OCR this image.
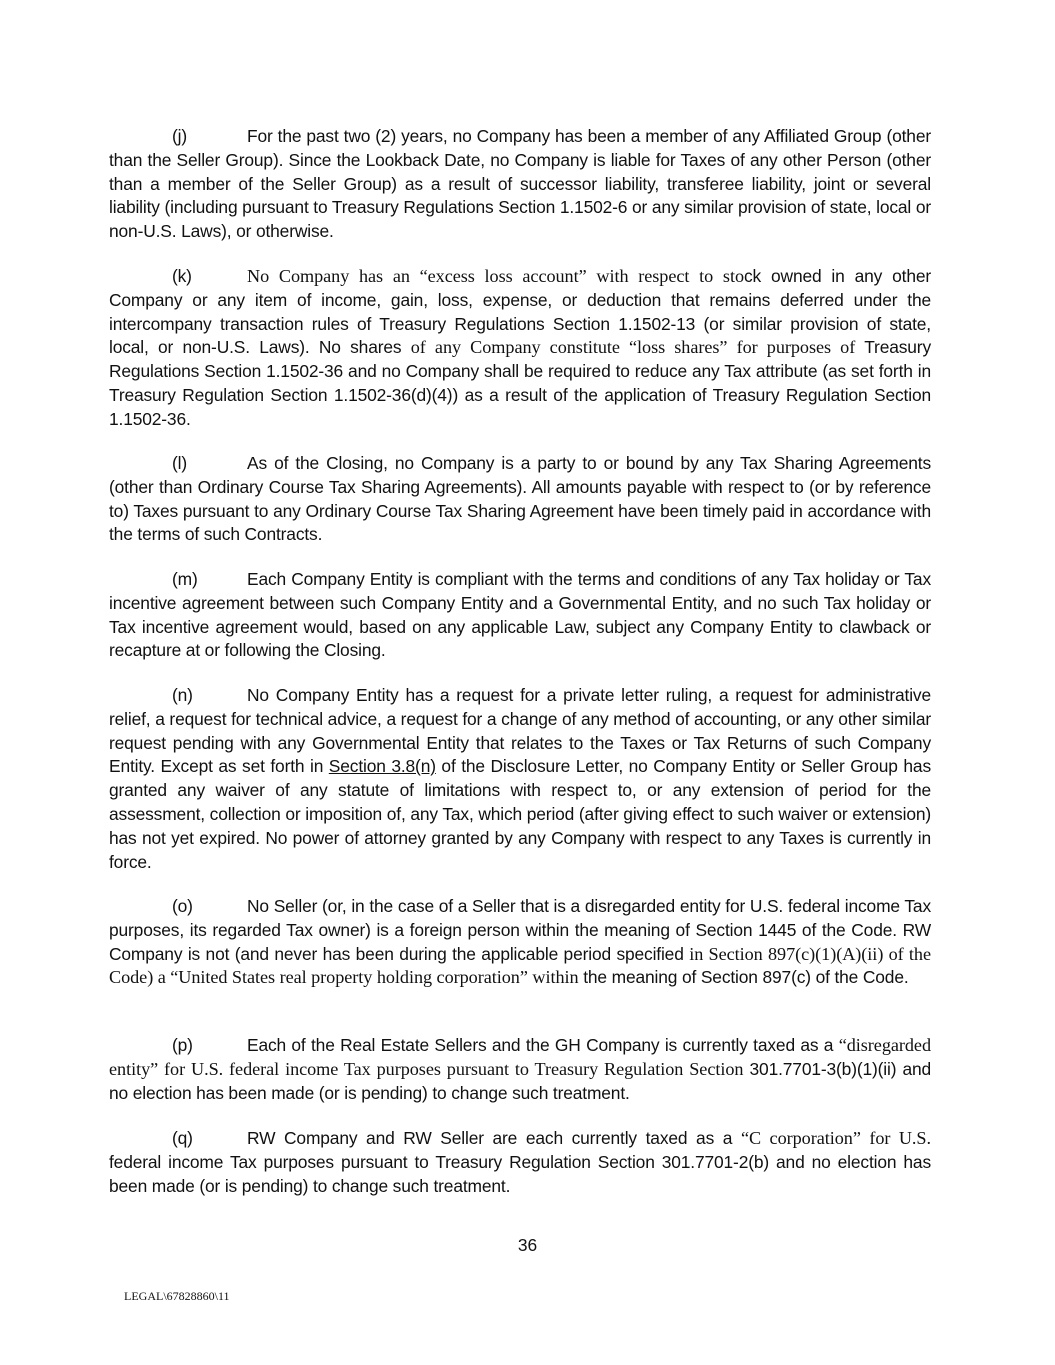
(j)	For the past two (2) years, no Company has been a member of any Affiliated Group (other than the Seller Group). Since the Lookback Date, no Company is liable for Taxes of any other Person (other than a member of the Seller Group) as a result of successor liability, transferee liability, joint or several liability (including pursuant to Treasury Regulations Section 1.1502-6 or any similar provision of state, local or non-U.S. Laws), or otherwise.

(k)	No Company has an “excess loss account” with respect to stock owned in any other Company or any item of income, gain, loss, expense, or deduction that remains deferred under the intercompany transaction rules of Treasury Regulations Section 1.1502-13 (or similar provision of state, local, or non-U.S. Laws). No shares of any Company constitute “loss shares” for purposes of Treasury Regulations Section 1.1502-36 and no Company shall be required to reduce any Tax attribute (as set forth in Treasury Regulation Section 1.1502-36(d)(4)) as a result of the application of Treasury Regulation Section 1.1502-36.

(l)	As of the Closing, no Company is a party to or bound by any Tax Sharing Agreements (other than Ordinary Course Tax Sharing Agreements). All amounts payable with respect to (or by reference to) Taxes pursuant to any Ordinary Course Tax Sharing Agreement have been timely paid in accordance with the terms of such Contracts.

(m)	Each Company Entity is compliant with the terms and conditions of any Tax holiday or Tax incentive agreement between such Company Entity and a Governmental Entity, and no such Tax holiday or Tax incentive agreement would, based on any applicable Law, subject any Company Entity to clawback or recapture at or following the Closing.

(n)	No Company Entity has a request for a private letter ruling, a request for administrative relief, a request for technical advice, a request for a change of any method of accounting, or any other similar request pending with any Governmental Entity that relates to the Taxes or Tax Returns of such Company Entity. Except as set forth in Section 3.8(n) of the Disclosure Letter, no Company Entity or Seller Group has granted any waiver of any statute of limitations with respect to, or any extension of period for the assessment, collection or imposition of, any Tax, which period (after giving effect to such waiver or extension) has not yet expired. No power of attorney granted by any Company with respect to any Taxes is currently in force.

(o)	No Seller (or, in the case of a Seller that is a disregarded entity for U.S. federal income Tax purposes, its regarded Tax owner) is a foreign person within the meaning of Section 1445 of the Code. RW Company is not (and never has been during the applicable period specified in Section 897(c)(1)(A)(ii) of the Code) a “United States real property holding corporation” within the meaning of Section 897(c) of the Code.

(p)	Each of the Real Estate Sellers and the GH Company is currently taxed as a “disregarded entity” for U.S. federal income Tax purposes pursuant to Treasury Regulation Section 301.7701-3(b)(1)(ii) and no election has been made (or is pending) to change such treatment.

(q)	RW Company and RW Seller are each currently taxed as a “C corporation” for U.S. federal income Tax purposes pursuant to Treasury Regulation Section 301.7701-2(b) and no election has been made (or is pending) to change such treatment.

36
LEGAL\67828860\11
